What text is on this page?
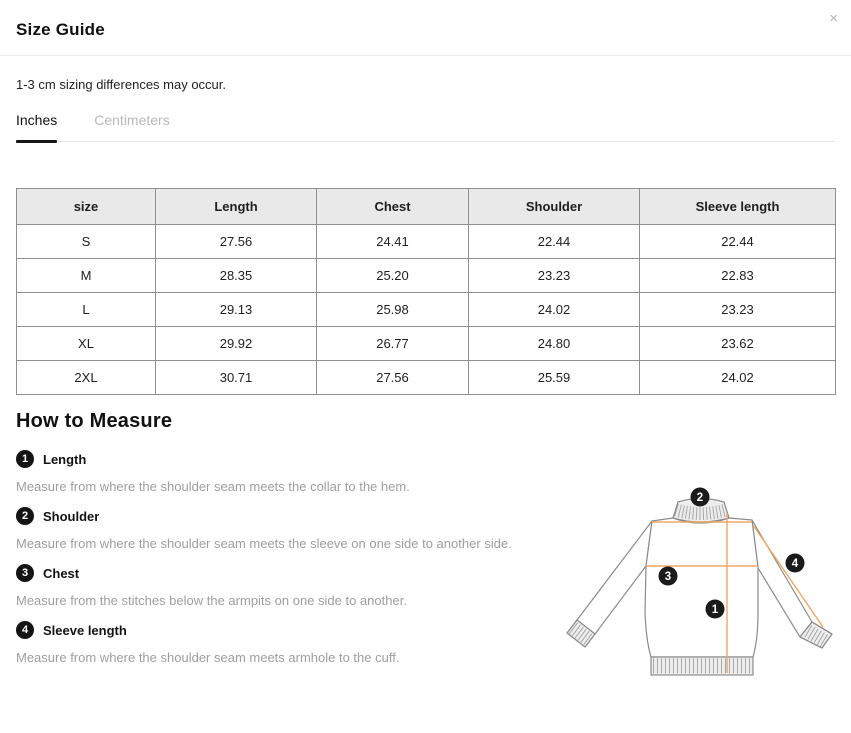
×
Size Guide

1-3 cm sizing differences may occur.

Inches	Centimeters
size	Length	Chest	Shoulder	Sleeve length
S	27.56	24.41	22.44	22.44
M	28.35	25.20	23.23	22.83
L	29.13	25.98	24.02	23.23
XL	29.92	26.77	24.80	23.62
2XL	30.71	27.56	25.59	24.02
How to Measure
1	Length

Measure from where the shoulder seam meets the collar to the hem.

2	Shoulder

Measure from where the shoulder seam meets the sleeve on one side to another side.

3	Chest

Measure from the stitches below the armpits on one side to another.

4	Sleeve length

Measure from where the shoulder seam meets armhole to the cuff.

2
3
1
4
